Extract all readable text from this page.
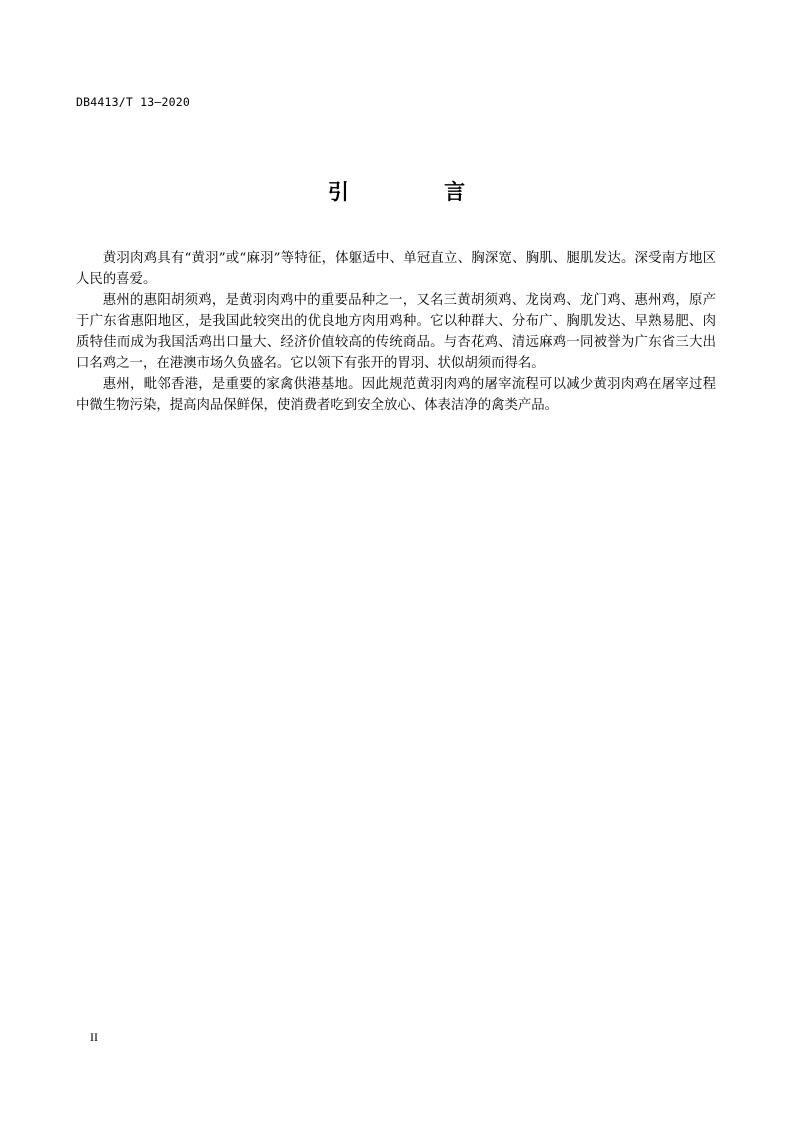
DB4413/T 13—2020
引 言

黄羽肉鸡具有“黄羽”或“麻羽”等特征，体躯适中、单冠直立、胸深宽、胸肌、腿肌发达。深受南方地区人民的喜爱。

惠州的惠阳胡须鸡，是黄羽肉鸡中的重要品种之一，又名三黄胡须鸡、龙岗鸡、龙门鸡、惠州鸡，原产于广东省惠阳地区，是我国此较突出的优良地方肉用鸡种。它以种群大、分布广、胸肌发达、早熟易肥、肉质特佳而成为我国活鸡出口量大、经济价值较高的传统商品。与杏花鸡、清远麻鸡一同被誉为广东省三大出口名鸡之一，在港澳市场久负盛名。它以领下有张开的胃羽、状似胡须而得名。

惠州，毗邻香港，是重要的家禽供港基地。因此规范黄羽肉鸡的屠宰流程可以减少黄羽肉鸡在屠宰过程中微生物污染，提高肉品保鲜保，使消费者吃到安全放心、体表洁净的禽类产品。

II
